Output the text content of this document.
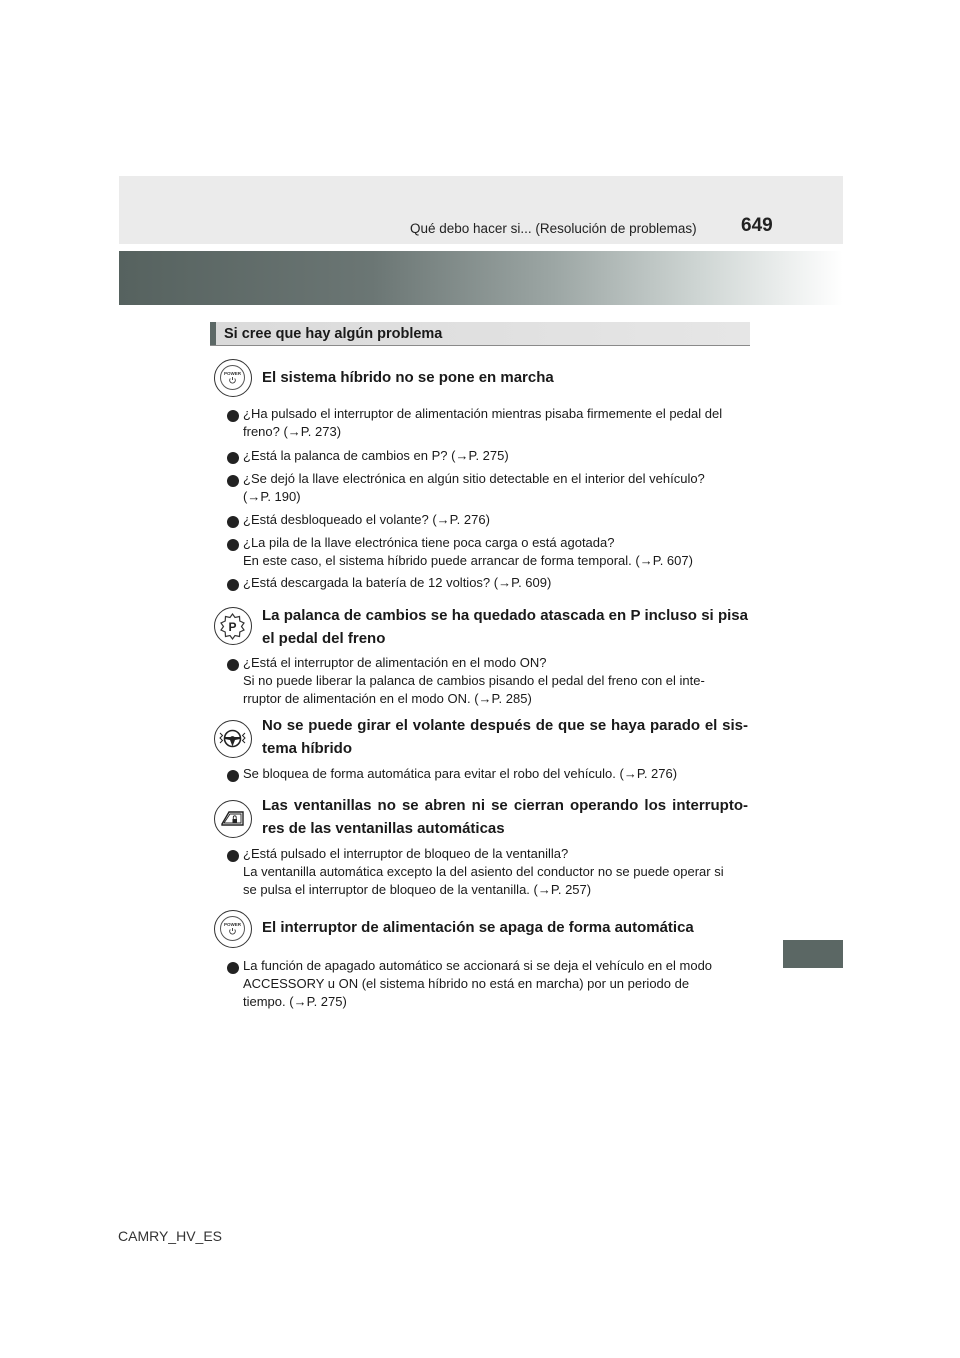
Qué debo hacer si... (Resolución de problemas) 649
Si cree que hay algún problema
POWER El sistema híbrido no se pone en marcha
¿Ha pulsado el interruptor de alimentación mientras pisaba firmemente el pedal del
freno? (→P. 273)
¿Está la palanca de cambios en P? (→P. 275)
¿Se dejó la llave electrónica en algún sitio detectable en el interior del vehículo?
(→P. 190)
¿Está desbloqueado el volante? (→P. 276)
¿La pila de la llave electrónica tiene poca carga o está agotada?
En este caso, el sistema híbrido puede arrancar de forma temporal. (→P. 607)
¿Está descargada la batería de 12 voltios? (→P. 609)
P
La palanca de cambios se ha quedado atascada en P incluso si pisa el pedal del freno
¿Está el interruptor de alimentación en el modo ON?
Si no puede liberar la palanca de cambios pisando el pedal del freno con el inte-
rruptor de alimentación en el modo ON. (→P. 285)
No se puede girar el volante después de que se haya parado el sis-tema híbrido
Se bloquea de forma automática para evitar el robo del vehículo. (→P. 276)
Las ventanillas no se abren ni se cierran operando los interrupto-res de las ventanillas automáticas
¿Está pulsado el interruptor de bloqueo de la ventanilla?
La ventanilla automática excepto la del asiento del conductor no se puede operar si
se pulsa el interruptor de bloqueo de la ventanilla. (→P. 257)
POWER El interruptor de alimentación se apaga de forma automática
La función de apagado automático se accionará si se deja el vehículo en el modo
ACCESSORY u ON (el sistema híbrido no está en marcha) por un periodo de
tiempo. (→P. 275)
CAMRY_HV_ES
